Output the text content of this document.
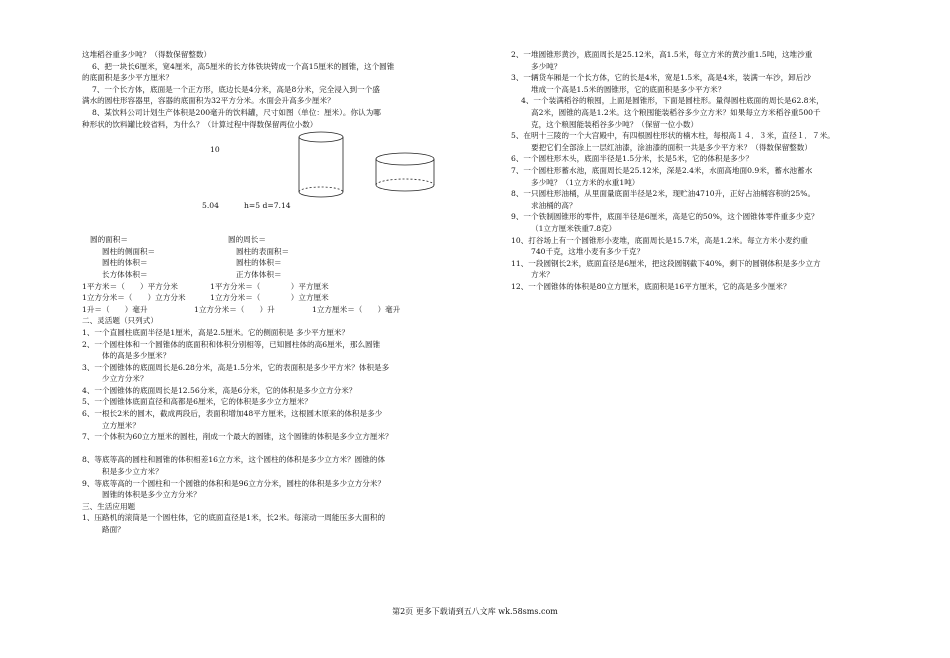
这堆稻谷重多少吨？（得数保留整数）
6、把一块长6厘米，宽4厘米，高5厘米的长方体铁块铸成一个高15厘米的圆锥，这个圆锥
的底面积是多少平方厘米？
7、一个长方体，底面是一个正方形，底边长是4分米，高是8分米，完全浸入到一个盛
满水的圆柱形容器里，容器的底面积为32平方分米。水面会升高多少厘米？
8、某饮料公司计划生产体积是200毫升的饮料罐，尺寸如图（单位：厘米）。你认为哪
种形状的饮料罐比较省料，为什么？（计算过程中得数保留两位小数）
10
5.04	h=5 d=7.14
圆的面积＝	圆的周长＝
圆柱的侧面积＝	圆柱的表面积＝
圆柱的体积＝	圆柱的体积＝
长方体体积＝	正方体体积＝
1平方米＝（　　）平方分米	1平方分米＝（　　　　）平方厘米
1立方分米＝（　　）立方分米	1立方分米＝（　　　　）立方厘米
1升＝（　　）毫升	1立方分米＝（　　）升	1立方厘米＝（　　）毫升
二、灵活题（只列式）
1、一个直圆柱底面半径是1厘米，高是2.5厘米。它的侧面积是 多少平方厘米？
2、一个圆柱体和一个圆锥体的底面积和体积分别相等，已知圆柱体的高6厘米，那么圆锥
体的高是多少厘米？
3、一个圆锥体的底面周长是6.28分米，高是1.5分米，它的表面积是多少平方米？体积是多
少立方分米？
4、一个圆锥体的底面周长是12.56分米，高是6分米，它的体积是多少立方分米？
5、一个圆锥体底面直径和高都是6厘米，它的体积是多少立方厘米？
6、一根长2米的圆木，截成两段后，表面积增加48平方厘米，这根圆木原来的体积是多少
立方厘米？
7、一个体积为60立方厘米的圆柱，削成一个最大的圆锥，这个圆锥的体积是多少立方厘米？
8、等底等高的圆柱和圆锥的体积相差16立方米，这个圆柱的体积是多少立方米？圆锥的体
积是多少立方米？
9、等底等高的一个圆柱和一个圆锥的体积和是96立方分米，圆柱的体积是多少立方分米？
圆锥的体积是多少立方分米？
三、生活应用题
1、压路机的滚筒是一个圆柱体，它的底面直径是1米，长2米。每滚动一周能压多大面积的
路面？
2、一堆圆锥形黄沙，底面周长是25.12米，高1.5米，每立方米的黄沙重1.5吨，这堆沙重
多少吨？
3、一辆货车厢是一个长方体，它的长是4米，宽是1.5米，高是4米，装满一车沙，卸后沙
堆成一个高是1.5米的圆锥形，它的底面积是多少平方米？
4、一个装满稻谷的粮囤，上面是圆锥形，下面是圆柱形。量得圆柱底面的周长是62.8米，
高2米，圆锥的高是1.2米。这个粮囤能装稻谷多少立方米？如果每立方米稻谷重500千
克，这个粮囤能装稻谷多少吨？（保留一位小数）
5、在明十三陵的一个大宫殿中，有四根圆柱形状的楠木柱，每根高１４．３米，直径１．７米。
要把它们全部涂上一层红油漆，涂油漆的面积一共是多少平方米？（得数保留整数）
6、一个圆柱形木头，底面半径是1.5分米，长是5米，它的体积是多少？
7、一个圆柱形蓄水池，底面周长是25.12米，深是2.4米，水面高地面0.9米，蓄水池蓄水
多少吨？（1立方米的水重1吨）
8、一只圆柱形油桶，从里面量底面半径是2米，现贮油4710升，正好占油桶容积的25%。
求油桶的高？
9、一个铁制圆锥形的零件，底面半径是6厘米，高是它的50%，这个圆锥体零件重多少克？
（1立方厘米铁重7.8克）
10、打谷场上有一个圆锥形小麦堆，底面周长是15.7米，高是1.2米。每立方米小麦约重
740千克，这堆小麦有多少千克？
11、一段圆钢长2米，底面直径是6厘米，把这段圆钢截下40%，剩下的圆钢体积是多少立方
方米？
12、一个圆锥体的体积是80立方厘米，底面积是16平方厘米，它的高是多少厘米？
第2页 更多下载请到五八文库 wk.58sms.com
